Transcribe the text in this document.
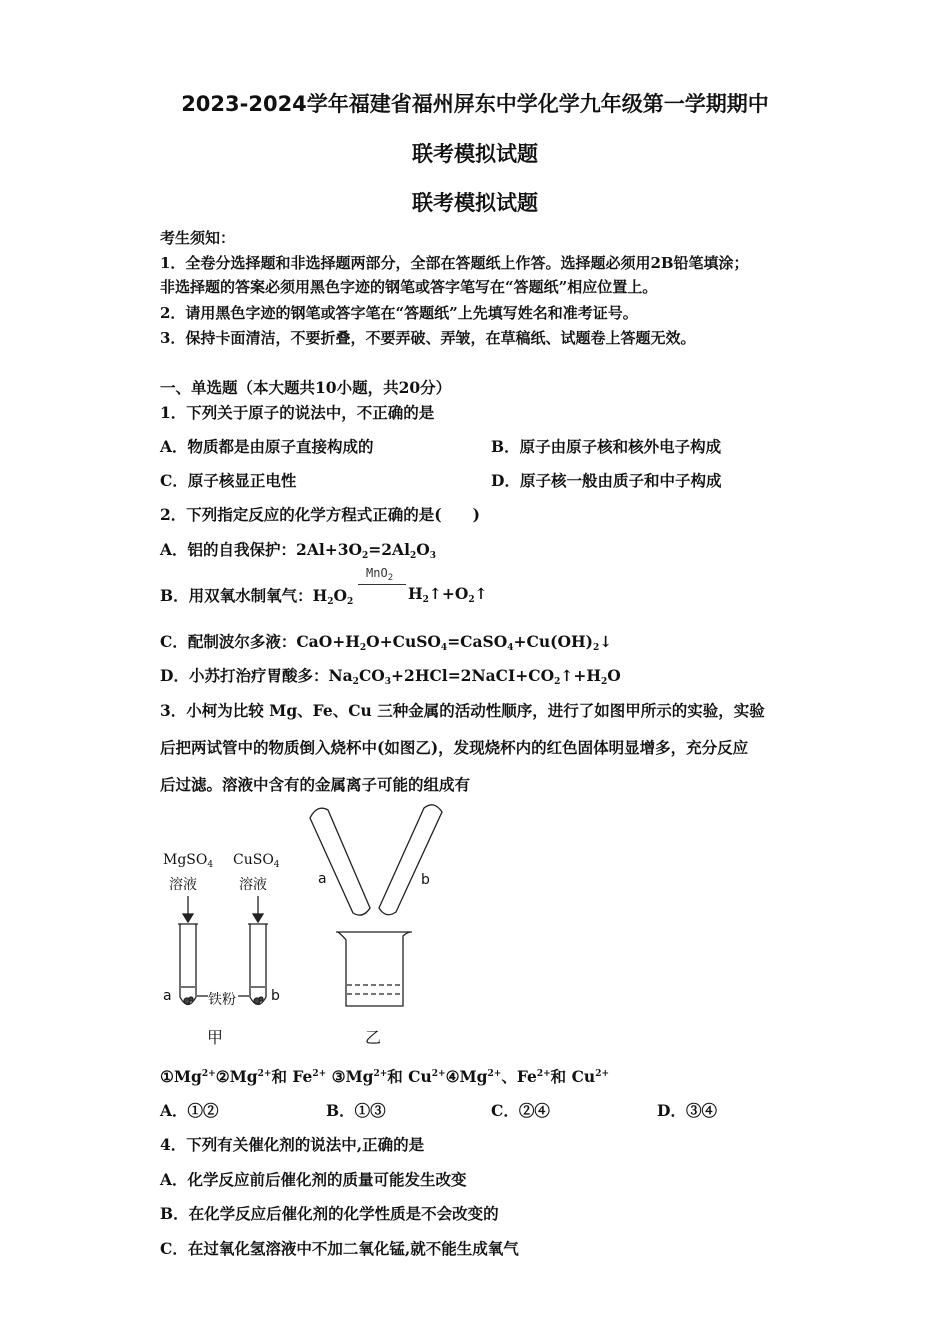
2023-2024学年福建省福州屏东中学化学九年级第一学期期中
联考模拟试题
联考模拟试题
考生须知：
1．全卷分选择题和非选择题两部分，全部在答题纸上作答。选择题必须用2B铅笔填涂；
非选择题的答案必须用黑色字迹的钢笔或答字笔写在“答题纸”相应位置上。
2．请用黑色字迹的钢笔或答字笔在“答题纸”上先填写姓名和准考证号。
3．保持卡面清洁，不要折叠，不要弄破、弄皱，在草稿纸、试题卷上答题无效。
一、单选题（本大题共10小题，共20分）
1．下列关于原子的说法中，不正确的是
A．物质都是由原子直接构成的	B．原子由原子核和核外电子构成
C．原子核显正电性	D．原子核一般由质子和中子构成
2．下列指定反应的化学方程式正确的是(　　)
A．铝的自我保护：$2Al+3O_2=2Al_2O_3$
B．用双氧水制氧气：$H_2O_2$
MnO$_2$
$H_2↑+O_2↑$
C．配制波尔多液：$CaO+H_2O+CuSO_4=CaSO_4+Cu(OH)_2↓$
D．小苏打治疗胃酸多：$Na_2CO_3+2HCl=2NaCI+CO_2↑+H_2O$
3．小柯为比较 Mg、Fe、Cu 三种金属的活动性顺序，进行了如图甲所示的实验，实验
后把两试管中的物质倒入烧杯中(如图乙)，发现烧杯内的红色固体明显增多，充分反应
后过滤。溶液中含有的金属离子可能的组成有
MgSO$_4$
溶液
CuSO$_4$
溶液
a	铁粉	b
甲	乙
a	b
$①Mg^{2+}②Mg^{2+}$和 $Fe^{2+}$ $③Mg^{2+}$和 $Cu^{2+}④Mg^{2+}$、$Fe^{2+}$和 $Cu^{2+}$
A．①②	B．①③	C．②④	D．③④
4．下列有关催化剂的说法中,正确的是
A．化学反应前后催化剂的质量可能发生改变
B．在化学反应后催化剂的化学性质是不会改变的
C．在过氧化氢溶液中不加二氧化锰,就不能生成氧气
